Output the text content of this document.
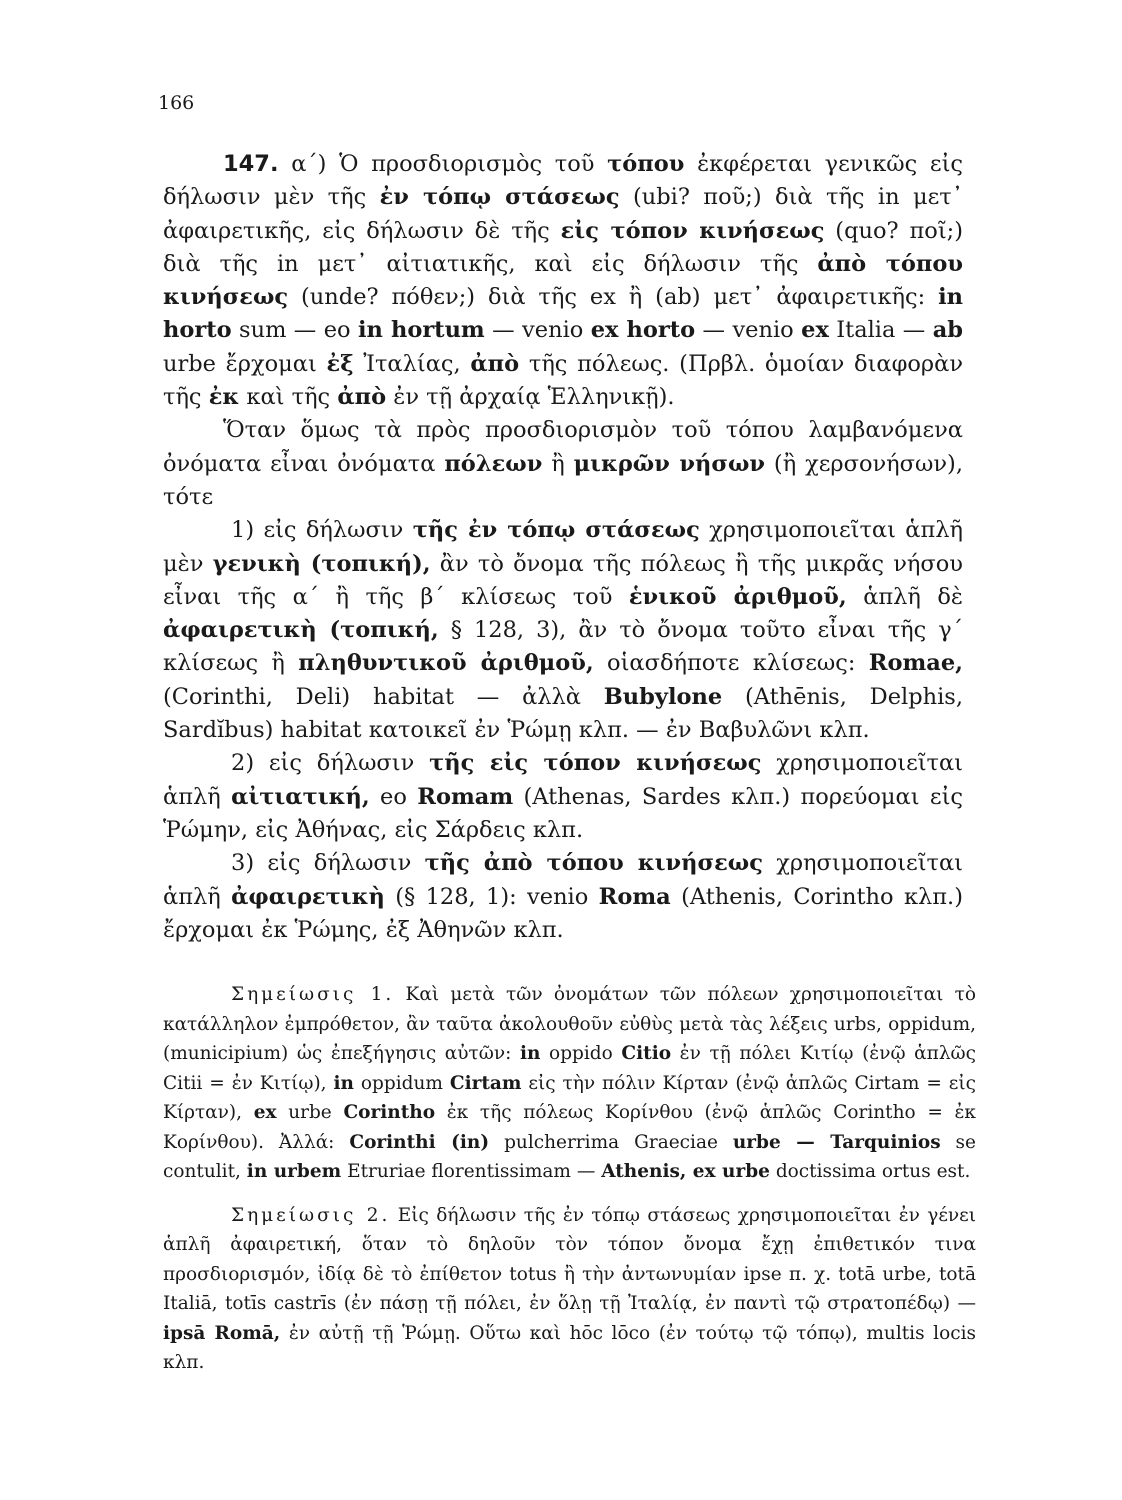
166

147. α΄) Ὁ προσδιορισμὸς τοῦ τόπου ἐκφέρεται γενικῶς εἰς δήλωσιν μὲν τῆς ἐν τόπῳ στάσεως (ubi? ποῦ;) διὰ τῆς in μετ᾽ ἀφαιρετικῆς, εἰς δήλωσιν δὲ τῆς εἰς τόπον κινήσεως (quo? ποῖ;) διὰ τῆς in μετ᾽ αἰτιατικῆς, καὶ εἰς δήλωσιν τῆς ἀπὸ τόπου κινήσεως (unde? πόθεν;) διὰ τῆς ex ἢ (ab) μετ᾽ ἀφαιρετικῆς: in horto sum — eo in hortum — venio ex horto — venio ex Italia — ab urbe ἔρχομαι ἐξ Ἰταλίας, ἀπὸ τῆς πόλεως. (Πρβλ. ὁμοίαν διαφορὰν τῆς ἐκ καὶ τῆς ἀπὸ ἐν τῇ ἀρχαίᾳ Ἑλληνικῇ).

Ὅταν ὅμως τὰ πρὸς προσδιορισμὸν τοῦ τόπου λαμβανόμενα ὀνόματα εἶναι ὀνόματα πόλεων ἢ μικρῶν νήσων (ἢ χερσονήσων), τότε

1) εἰς δήλωσιν τῆς ἐν τόπῳ στάσεως χρησιμοποιεῖται ἁπλῆ μὲν γενικὴ (τοπική), ἂν τὸ ὄνομα τῆς πόλεως ἢ τῆς μικρᾶς νήσου εἶναι τῆς α΄ ἢ τῆς β΄ κλίσεως τοῦ ἑνικοῦ ἀριθμοῦ, ἁπλῆ δὲ ἀφαιρετικὴ (τοπική, § 128, 3), ἂν τὸ ὄνομα τοῦτο εἶναι τῆς γ΄ κλίσεως ἢ πληθυντικοῦ ἀριθμοῦ, οἱασδήποτε κλίσεως: Romae, (Corinthi, Deli) habitat — ἀλλὰ Bubylone (Athēnis, Delphis, Sardĭbus) habitat κατοικεῖ ἐν Ῥώμῃ κλπ. — ἐν Βαβυλῶνι κλπ.

2) εἰς δήλωσιν τῆς εἰς τόπον κινήσεως χρησιμοποιεῖται ἁπλῆ αἰτιατική, eo Romam (Athenas, Sardes κλπ.) πορεύομαι εἰς Ῥώμην, εἰς Ἀθήνας, εἰς Σάρδεις κλπ.

3) εἰς δήλωσιν τῆς ἀπὸ τόπου κινήσεως χρησιμοποιεῖται ἁπλῆ ἀφαιρετικὴ (§ 128, 1): venio Roma (Athenis, Corintho κλπ.) ἔρχομαι ἐκ Ῥώμης, ἐξ Ἀθηνῶν κλπ.

Σημείωσις 1. Καὶ μετὰ τῶν ὀνομάτων τῶν πόλεων χρησιμοποιεῖται τὸ κατάλληλον ἐμπρόθετον, ἂν ταῦτα ἀκολουθοῦν εὐθὺς μετὰ τὰς λέξεις urbs, oppidum, (municipium) ὡς ἐπεξήγησις αὐτῶν: in oppido Citio ἐν τῇ πόλει Κιτίῳ (ἐνῷ ἁπλῶς Citii = ἐν Κιτίῳ), in oppidum Cirtam εἰς τὴν πόλιν Κίρταν (ἐνῷ ἁπλῶς Cirtam = εἰς Κίρταν), ex urbe Corintho ἐκ τῆς πόλεως Κορίνθου (ἐνῷ ἁπλῶς Corintho = ἐκ Κορίνθου). Ἀλλά: Corinthi (in) pulcherrima Graeciae urbe — Tarquinios se contulit, in urbem Etruriae florentissimam — Athenis, ex urbe doctissima ortus est.

Σημείωσις 2. Εἰς δήλωσιν τῆς ἐν τόπῳ στάσεως χρησιμοποιεῖται ἐν γένει ἁπλῆ ἀφαιρετική, ὅταν τὸ δηλοῦν τὸν τόπον ὄνομα ἔχῃ ἐπιθετικόν τινα προσδιορισμόν, ἰδίᾳ δὲ τὸ ἐπίθετον totus ἢ τὴν ἀντωνυμίαν ipse π. χ. totā urbe, totā Italiā, totīs castrīs (ἐν πάσῃ τῇ πόλει, ἐν ὅλῃ τῇ Ἰταλίᾳ, ἐν παντὶ τῷ στρατοπέδῳ) — ipsā Romā, ἐν αὐτῇ τῇ Ῥώμῃ. Οὕτω καὶ hōc lōco (ἐν τούτῳ τῷ τόπῳ), multis locis κλπ.
